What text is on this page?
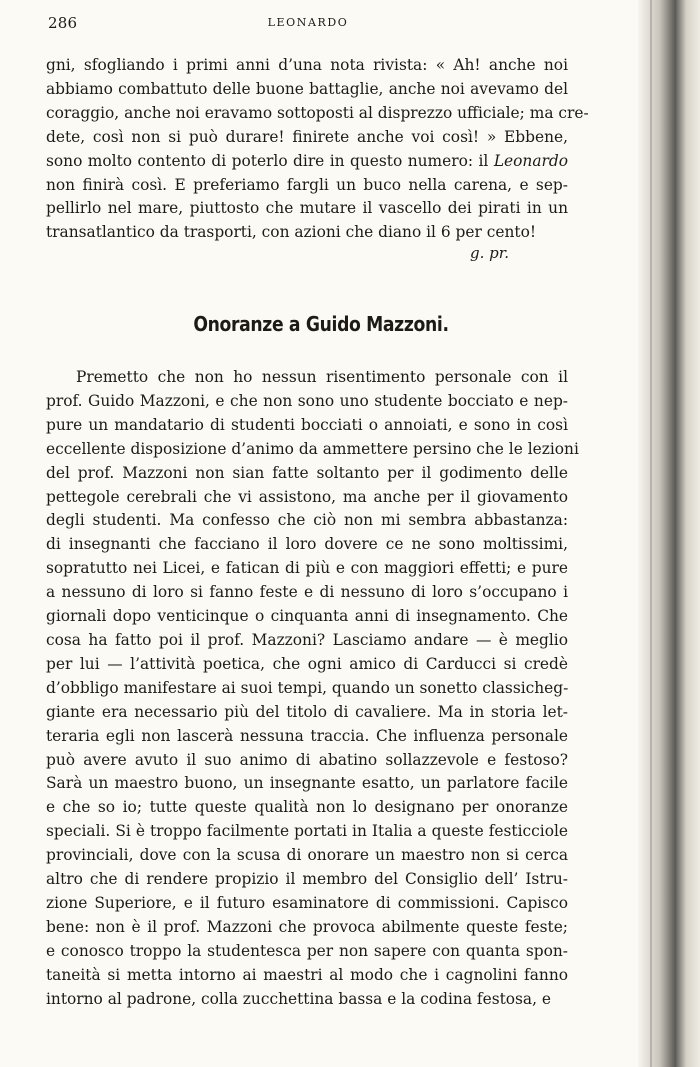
286	LEONARDO
gni, sfogliando i primi anni d’una nota rivista: « Ah! anche noi
abbiamo combattuto delle buone battaglie, anche noi avevamo del
coraggio, anche noi eravamo sottoposti al disprezzo ufficiale; ma cre-
dete, così non si può durare! finirete anche voi così! » Ebbene,
sono molto contento di poterlo dire in questo numero: il Leonardo
non finirà così. E preferiamo fargli un buco nella carena, e sep-
pellirlo nel mare, piuttosto che mutare il vascello dei pirati in un
transatlantico da trasporti, con azioni che diano il 6 per cento!
g. pr.
Onoranze a Guido Mazzoni.
Premetto che non ho nessun risentimento personale con il
prof. Guido Mazzoni, e che non sono uno studente bocciato e nep-
pure un mandatario di studenti bocciati o annoiati, e sono in così
eccellente disposizione d’animo da ammettere persino che le lezioni
del prof. Mazzoni non sian fatte soltanto per il godimento delle
pettegole cerebrali che vi assistono, ma anche per il giovamento
degli studenti. Ma confesso che ciò non mi sembra abbastanza:
di insegnanti che facciano il loro dovere ce ne sono moltissimi,
sopratutto nei Licei, e fatican di più e con maggiori effetti; e pure
a nessuno di loro si fanno feste e di nessuno di loro s’occupano i
giornali dopo venticinque o cinquanta anni di insegnamento. Che
cosa ha fatto poi il prof. Mazzoni? Lasciamo andare — è meglio
per lui — l’attività poetica, che ogni amico di Carducci si credè
d’obbligo manifestare ai suoi tempi, quando un sonetto classicheg-
giante era necessario più del titolo di cavaliere. Ma in storia let-
teraria egli non lascerà nessuna traccia. Che influenza personale
può avere avuto il suo animo di abatino sollazzevole e festoso?
Sarà un maestro buono, un insegnante esatto, un parlatore facile
e che so io; tutte queste qualità non lo designano per onoranze
speciali. Si è troppo facilmente portati in Italia a queste festicciole
provinciali, dove con la scusa di onorare un maestro non si cerca
altro che di rendere propizio il membro del Consiglio dell’ Istru-
zione Superiore, e il futuro esaminatore di commissioni. Capisco
bene: non è il prof. Mazzoni che provoca abilmente queste feste;
e conosco troppo la studentesca per non sapere con quanta spon-
taneità si metta intorno ai maestri al modo che i cagnolini fanno
intorno al padrone, colla zucchettina bassa e la codina festosa, e
